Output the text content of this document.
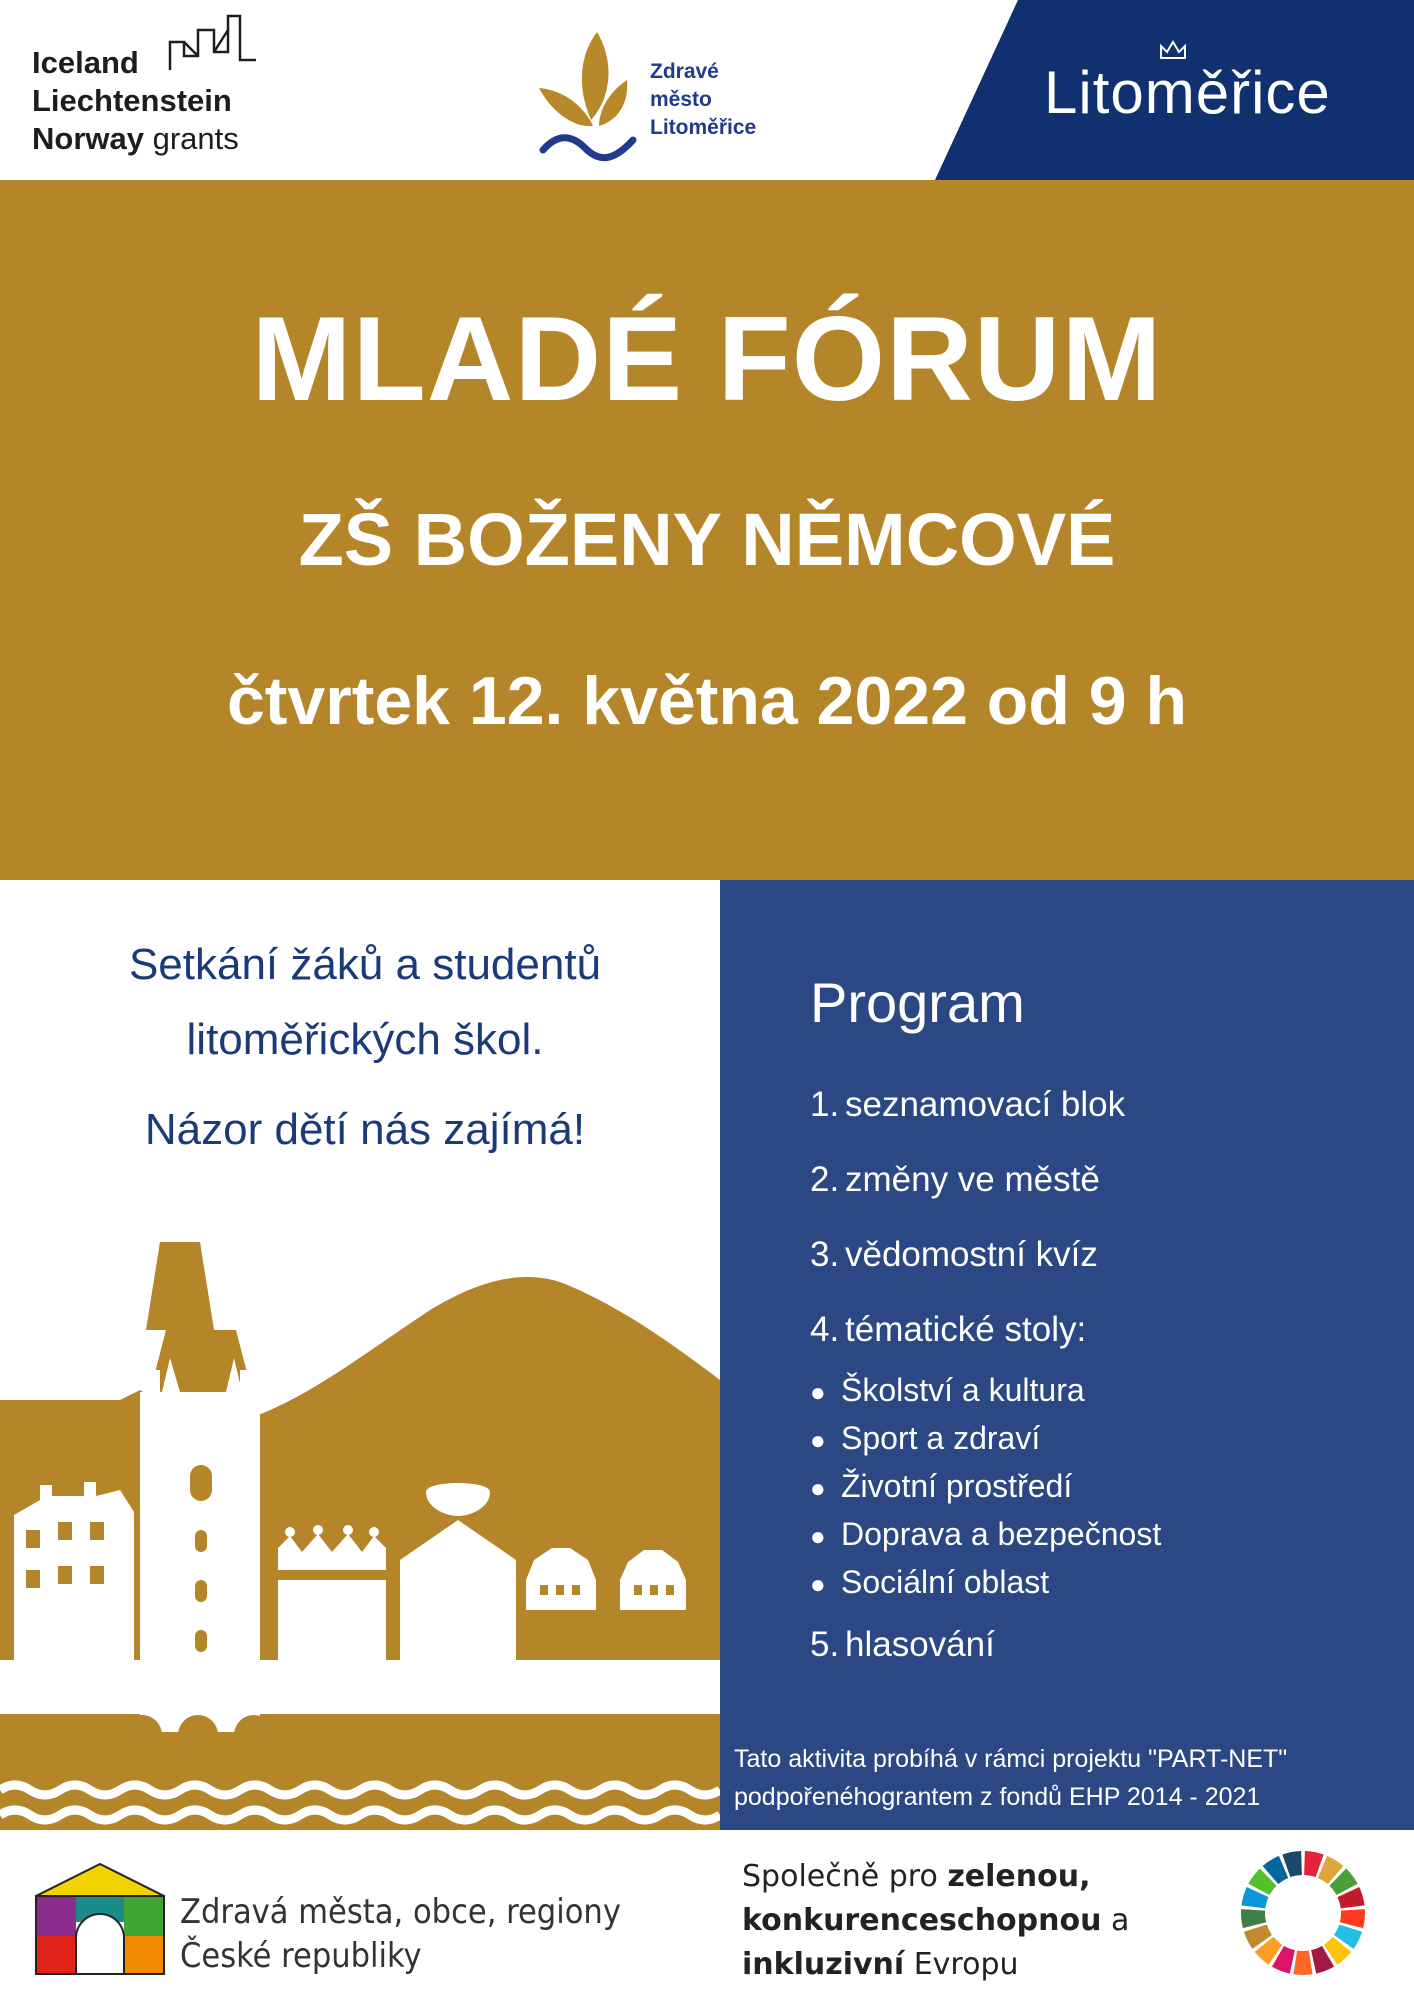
Iceland
Liechtenstein
Norway grants
Zdravé
město
Litoměřice
Litoměřice
MLADÉ FÓRUM
ZŠ BOŽENY NĚMCOVÉ
čtvrtek 12. května 2022 od 9 h
Setkání žáků a studentů
litoměřických škol.
Názor dětí nás zajímá!
Program
1. seznamovací blok
2. změny ve městě
3. vědomostní kvíz
4. tématické stoly:
● Školství a kultura
● Sport a zdraví
● Životní prostředí
● Doprava a bezpečnost
● Sociální oblast
5. hlasování
Tato aktivita probíhá v rámci projektu "PART-NET"
podpořenéhograntem z fondů EHP 2014 - 2021
Zdravá města, obce, regiony
České republiky
Společně pro zelenou,
konkurenceschopnou a
inkluzivní Evropu
